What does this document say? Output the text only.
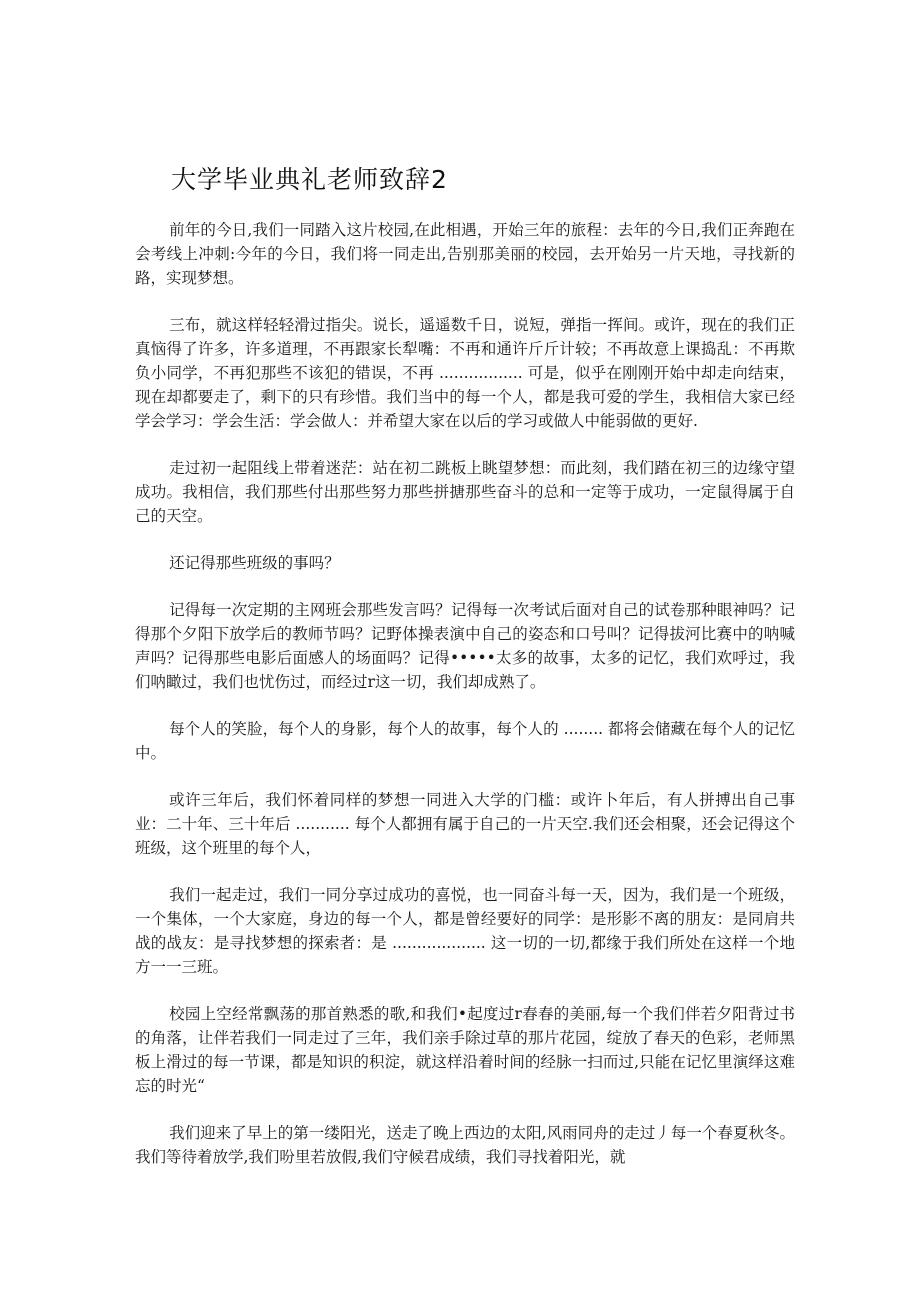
大学毕业典礼老师致辞2

前年的今日,我们一同踏入这片校园,在此相遇，开始三年的旅程：去年的今日,我们正奔跑在会考线上冲刺:今年的今日，我们将一同走出,告别那美丽的校园，去开始另一片天地，寻找新的路，实现梦想。

三布，就这样轻轻滑过指尖。说长，遥遥数千日，说短，弹指一挥间。或许，现在的我们正真恼得了许多，许多道理，不再跟家长犁嘴：不再和通许斤斤计较；不再故意上课捣乱：不再欺负小同学，不再犯那些不该犯的错误，不再 ................. 可是，似乎在刚刚开始中却走向结束，现在却都要走了，剩下的只有珍惜。我们当中的每一个人，都是我可爱的学生，我相信大家已经学会学习：学会生活：学会做人：并希望大家在以后的学习或做人中能弱做的更好.

走过初一起阻线上带着迷茫：站在初二跳板上眺望梦想：而此刻，我们踏在初三的边缘守望成功。我相信，我们那些付出那些努力那些拼搪那些奋斗的总和一定等于成功，一定鼠得属于自己的天空。

还记得那些班级的事吗？

记得每一次定期的主网班会那些发言吗？记得每一次考试后面对自己的试卷那种眼神吗？记得那个夕阳下放学后的教师节吗？记野体操表演中自己的姿态和口号叫？记得拔河比赛中的呐喊声吗？记得那些电影后面感人的场面吗？记得•••••太多的故事，太多的记忆，我们欢呼过，我们呐瞰过，我们也忧伤过，而经过r这一切，我们却成熟了。

每个人的笑脸，每个人的身影，每个人的故事，每个人的 ........ 都将会储藏在每个人的记忆中。

或许三年后，我们怀着同样的梦想一同进入大学的门槛：或许卜年后，有人拼搏出自己事业：二十年、三十年后 ........... 每个人都拥有属于自己的一片天空.我们还会相聚，还会记得这个班级，这个班里的每个人，

我们一起走过，我们一同分享过成功的喜悦，也一同奋斗每一天，因为，我们是一个班级，一个集体，一个大家庭，身边的每一个人，都是曾经要好的同学：是形影不离的朋友：是同肩共战的战友：是寻找梦想的探索者：是 ................... 这一切的一切,都缘于我们所处在这样一个地方一一三班。

校园上空经常飘荡的那首熟悉的歌,和我们•起度过r春春的美丽,每一个我们伴若夕阳背过书的角落，让伴若我们一同走过了三年，我们亲手除过草的那片花园，绽放了春天的色彩，老师黑板上滑过的每一节课，都是知识的积淀，就这样沿着时间的经脉一扫而过,只能在记忆里演绎这难忘的时光“

我们迎来了早上的第一缕阳光，送走了晚上西边的太阳,风雨同舟的走过丿每一个春夏秋冬。我们等待着放学,我们吩里若放假,我们守候君成绩，我们寻找着阳光，就
